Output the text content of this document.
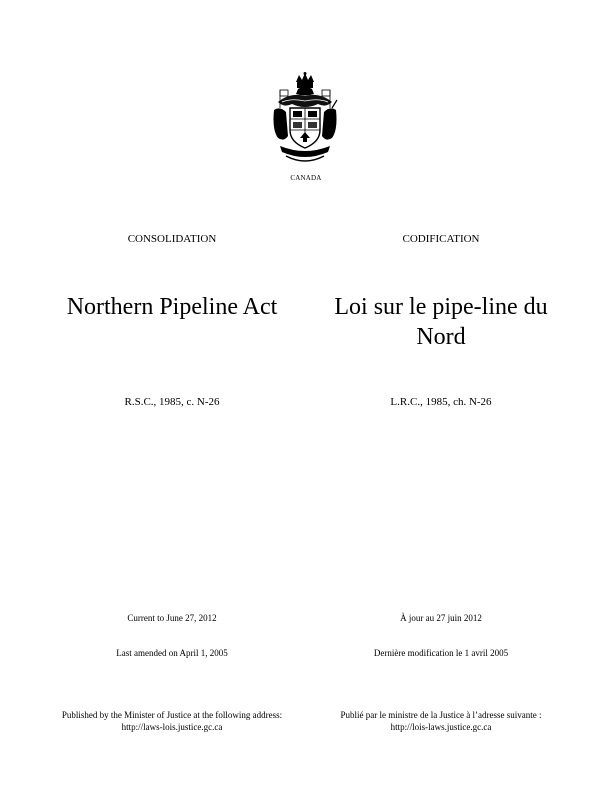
CANADA
CONSOLIDATION	CODIFICATION
Northern Pipeline Act	Loi sur le pipe-line du Nord
R.S.C., 1985, c. N-26	L.R.C., 1985, ch. N-26
Current to June 27, 2012	À jour au 27 juin 2012
Last amended on April 1, 2005	Dernière modification le 1 avril 2005
Published by the Minister of Justice at the following address:
http://laws-lois.justice.gc.ca
Publié par le ministre de la Justice à l’adresse suivante :
http://lois-laws.justice.gc.ca
